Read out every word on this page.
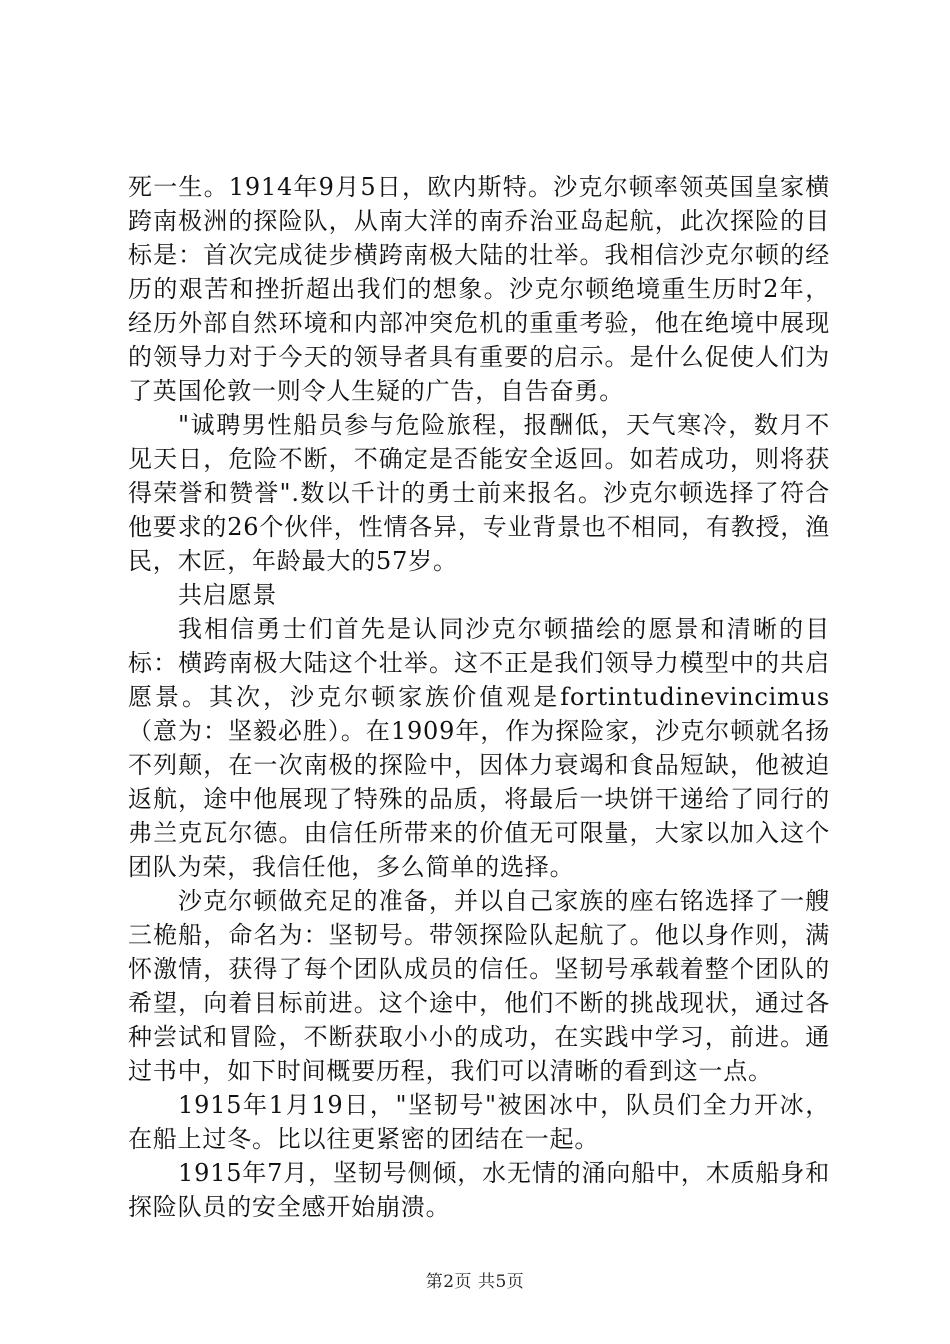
死一生。1914年9月5日，欧内斯特。沙克尔顿率领英国皇家横跨南极洲的探险队，从南大洋的南乔治亚岛起航，此次探险的目标是：首次完成徒步横跨南极大陆的壮举。我相信沙克尔顿的经历的艰苦和挫折超出我们的想象。沙克尔顿绝境重生历时2年，经历外部自然环境和内部冲突危机的重重考验，他在绝境中展现的领导力对于今天的领导者具有重要的启示。是什么促使人们为了英国伦敦一则令人生疑的广告，自告奋勇。

"诚聘男性船员参与危险旅程，报酬低，天气寒冷，数月不见天日，危险不断，不确定是否能安全返回。如若成功，则将获得荣誉和赞誉".数以千计的勇士前来报名。沙克尔顿选择了符合他要求的26个伙伴，性情各异，专业背景也不相同，有教授，渔民，木匠，年龄最大的57岁。

共启愿景

我相信勇士们首先是认同沙克尔顿描绘的愿景和清晰的目标：横跨南极大陆这个壮举。这不正是我们领导力模型中的共启愿景。其次，沙克尔顿家族价值观是fortintudinevincimus（意为：坚毅必胜）。在1909年，作为探险家，沙克尔顿就名扬不列颠，在一次南极的探险中，因体力衰竭和食品短缺，他被迫返航，途中他展现了特殊的品质，将最后一块饼干递给了同行的弗兰克瓦尔德。由信任所带来的价值无可限量，大家以加入这个团队为荣，我信任他，多么简单的选择。

沙克尔顿做充足的准备，并以自己家族的座右铭选择了一艘三桅船，命名为：坚韧号。带领探险队起航了。他以身作则，满怀激情，获得了每个团队成员的信任。坚韧号承载着整个团队的希望，向着目标前进。这个途中，他们不断的挑战现状，通过各种尝试和冒险，不断获取小小的成功，在实践中学习，前进。通过书中，如下时间概要历程，我们可以清晰的看到这一点。

1915年1月19日，"坚韧号"被困冰中，队员们全力开冰，在船上过冬。比以往更紧密的团结在一起。

1915年7月，坚韧号侧倾，水无情的涌向船中，木质船身和探险队员的安全感开始崩溃。

第2页 共5页
